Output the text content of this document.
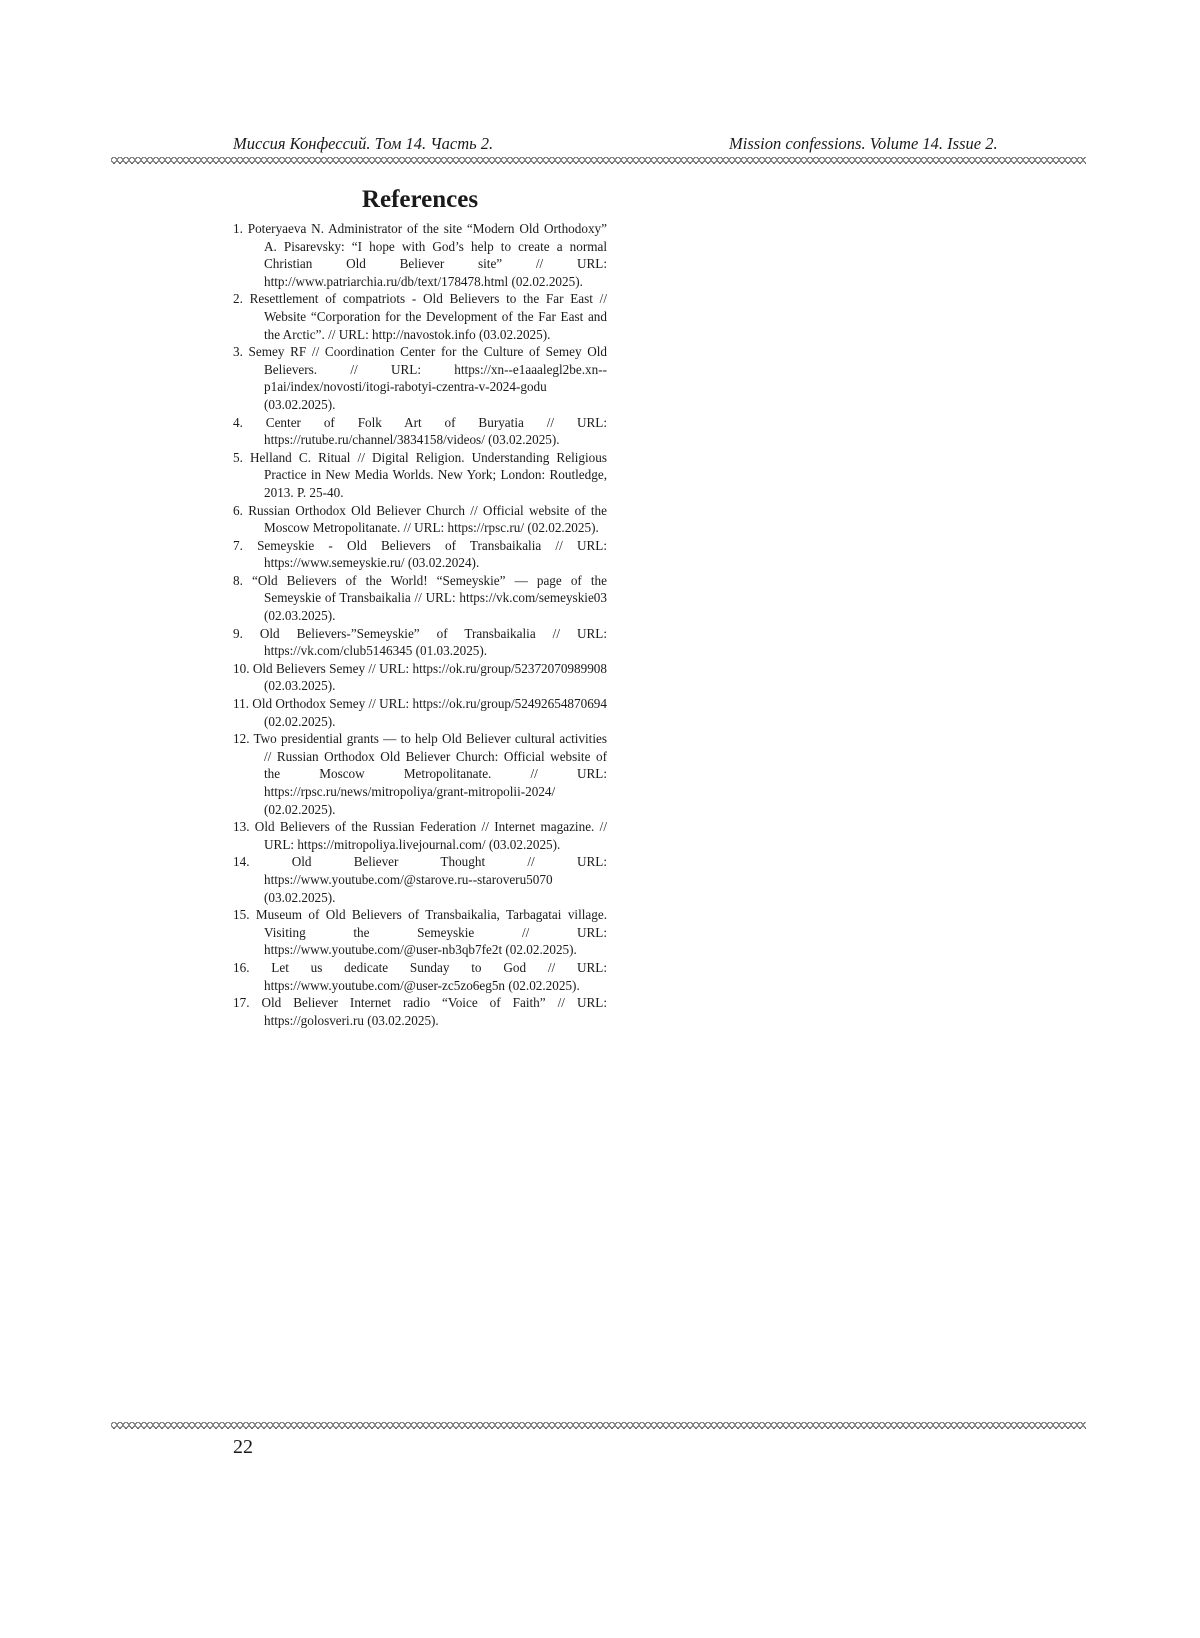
Миссия Конфессий. Том 14. Часть 2.	Mission confessions. Volume 14. Issue 2.
References
1. Poteryaeva N. Administrator of the site “Modern Old Orthodoxy” A. Pisarevsky: “I hope with God’s help to create a normal Christian Old Believer site” // URL: http://www.patriarchia.ru/db/text/178478.html (02.02.2025).
2. Resettlement of compatriots - Old Believers to the Far East // Website “Corporation for the Development of the Far East and the Arctic”. // URL: http://navostok.info (03.02.2025).
3. Semey RF // Coordination Center for the Culture of Semey Old Believers. // URL: https://xn--e1aaalegl2be.xn--p1ai/index/novosti/itogi-rabotyi-czentra-v-2024-godu (03.02.2025).
4. Center of Folk Art of Buryatia // URL: https://rutube.ru/channel/3834158/videos/ (03.02.2025).
5. Helland C. Ritual // Digital Religion. Understanding Religious Practice in New Media Worlds. New York; London: Routledge, 2013. P. 25-40.
6. Russian Orthodox Old Believer Church // Official website of the Moscow Metropolitanate. // URL: https://rpsc.ru/ (02.02.2025).
7. Semeyskie - Old Believers of Transbaikalia // URL: https://www.semeyskie.ru/ (03.02.2024).
8. “Old Believers of the World! “Semeyskie” — page of the Semeyskie of Transbaikalia // URL: https://vk.com/semeyskie03 (02.03.2025).
9. Old Believers-”Semeyskie” of Transbaikalia // URL: https://vk.com/club5146345 (01.03.2025).
10. Old Believers Semey // URL: https://ok.ru/group/52372070989908 (02.03.2025).
11. Old Orthodox Semey // URL: https://ok.ru/group/52492654870694 (02.02.2025).
12. Two presidential grants — to help Old Believer cultural activities // Russian Orthodox Old Believer Church: Official website of the Moscow Metropolitanate. // URL: https://rpsc.ru/news/mitropoliya/grant-mitropolii-2024/ (02.02.2025).
13. Old Believers of the Russian Federation // Internet magazine. // URL: https://mitropoliya.livejournal.com/ (03.02.2025).
14. Old Believer Thought // URL: https://www.youtube.com/@starove.ru--staroveru5070 (03.02.2025).
15. Museum of Old Believers of Transbaikalia, Tarbagatai village. Visiting the Semeyskie // URL: https://www.youtube.com/@user-nb3qb7fe2t (02.02.2025).
16. Let us dedicate Sunday to God // URL: https://www.youtube.com/@user-zc5zo6eg5n (02.02.2025).
17. Old Believer Internet radio “Voice of Faith” // URL: https://golosveri.ru (03.02.2025).
22
